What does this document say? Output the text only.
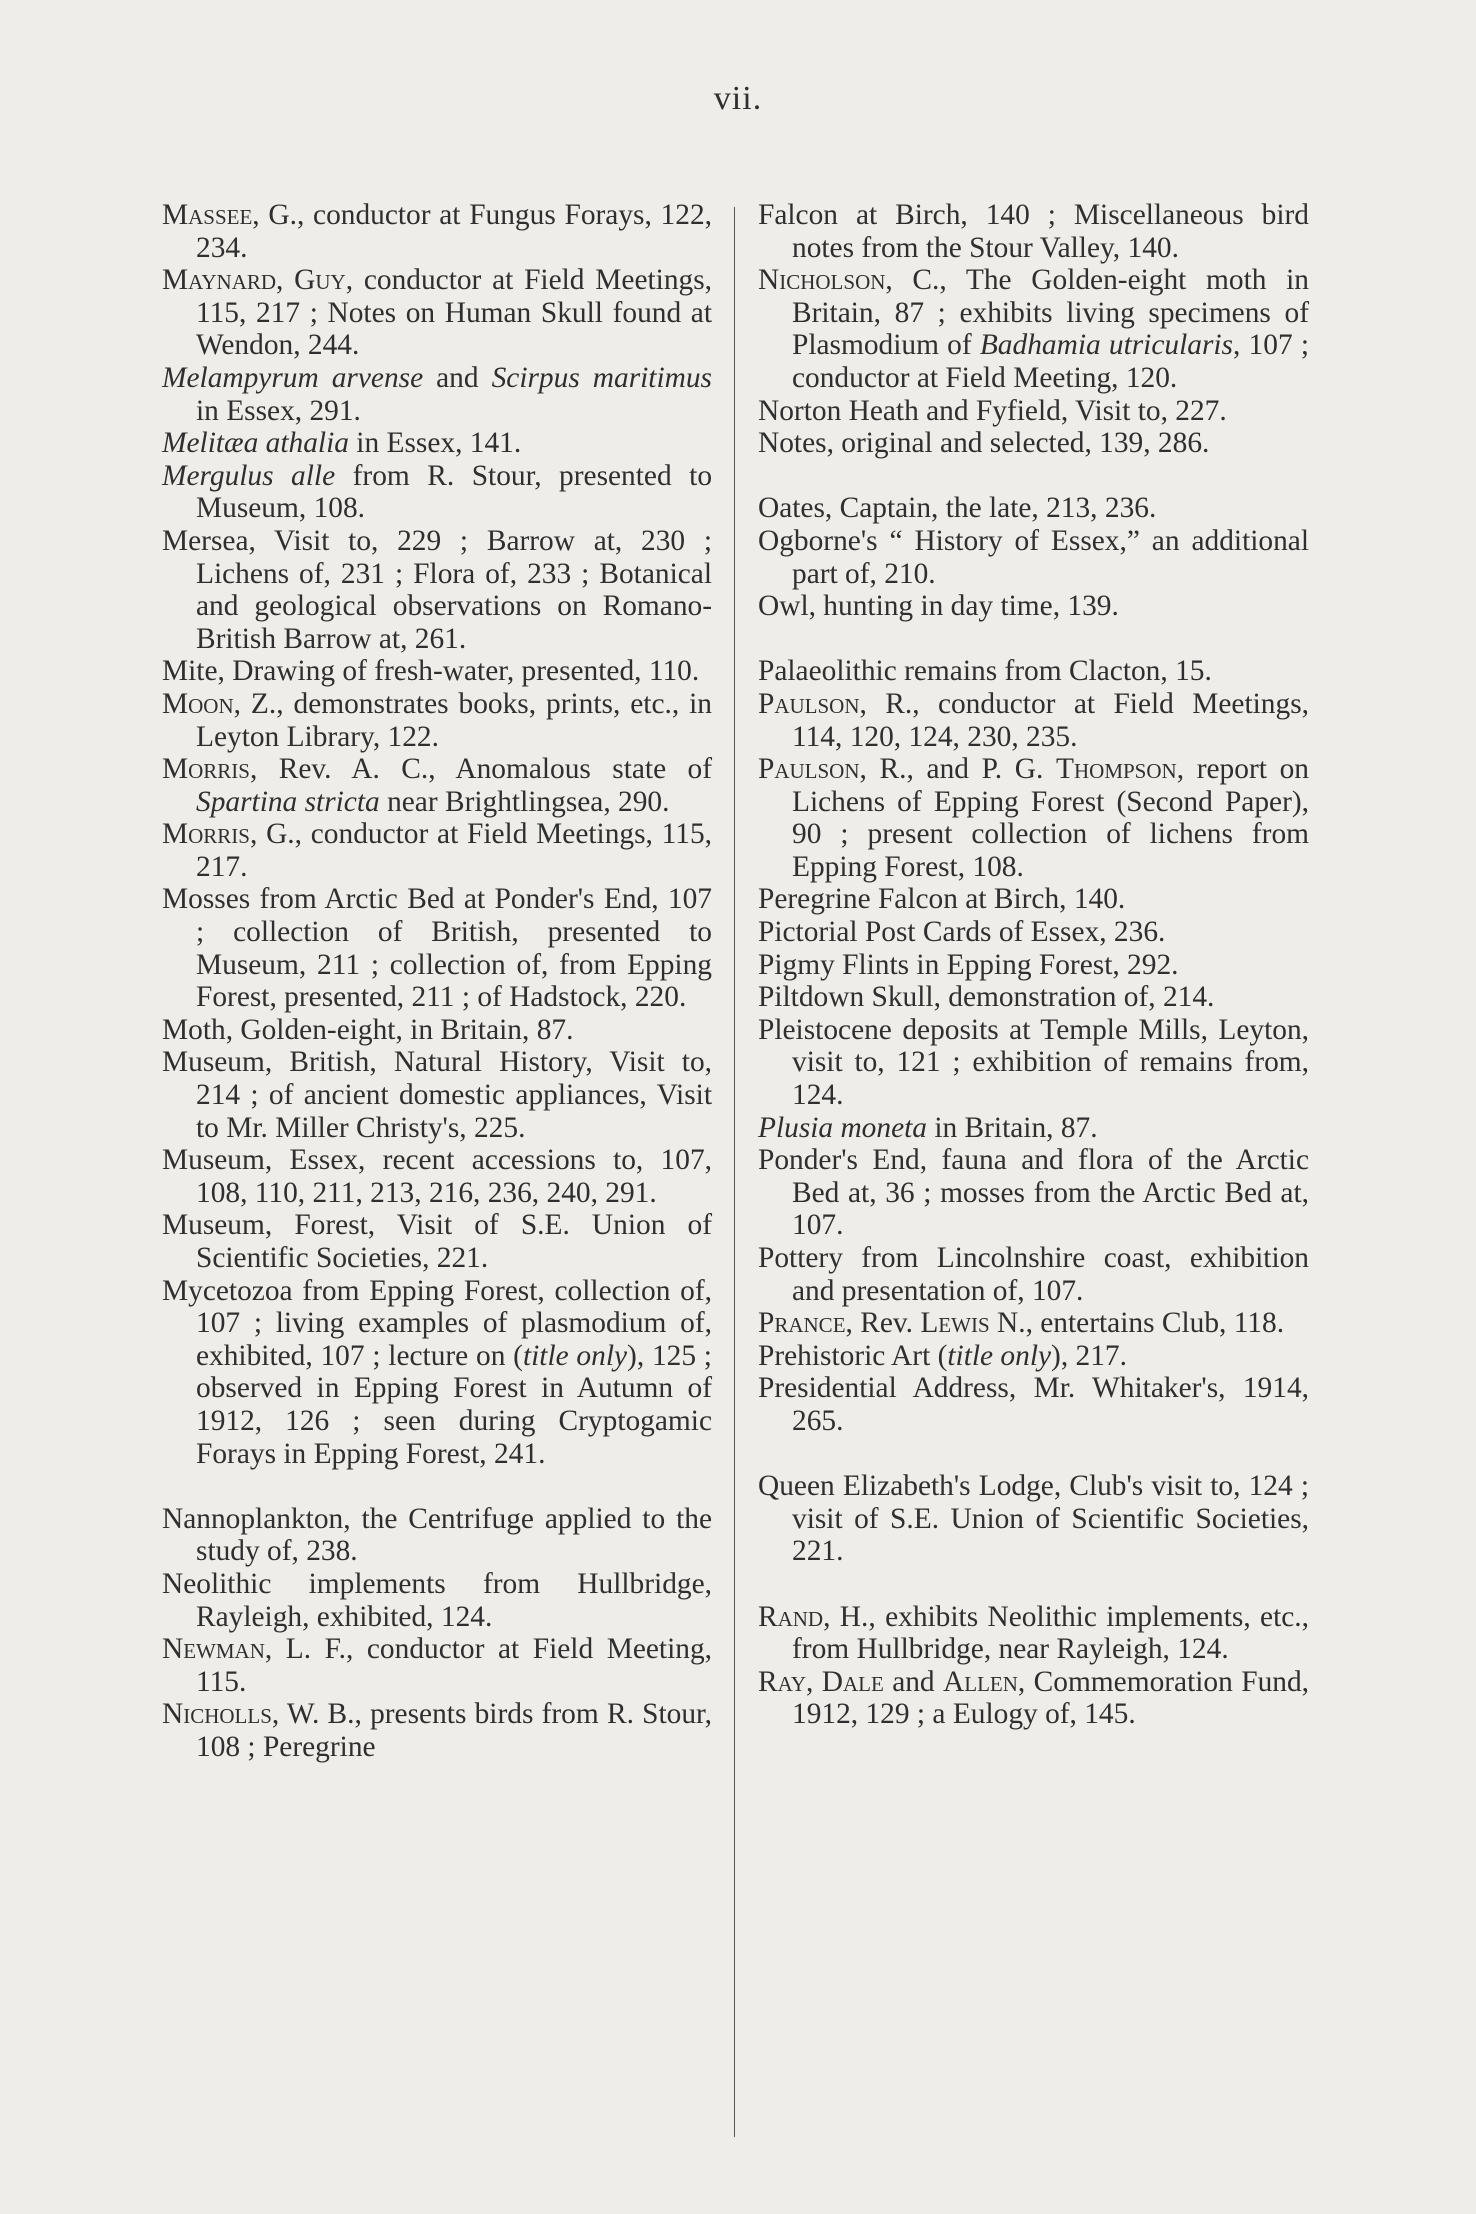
vii.

Massee, G., conductor at Fungus Forays, 122, 234.

Maynard, Guy, conductor at Field Meetings, 115, 217 ; Notes on Human Skull found at Wendon, 244.

Melampyrum arvense and Scirpus maritimus in Essex, 291.

Melitæa athalia in Essex, 141.

Mergulus alle from R. Stour, presented to Museum, 108.

Mersea, Visit to, 229 ; Barrow at, 230 ; Lichens of, 231 ; Flora of, 233 ; Botanical and geological observations on Romano-British Barrow at, 261.

Mite, Drawing of fresh-water, presented, 110.

Moon, Z., demonstrates books, prints, etc., in Leyton Library, 122.

Morris, Rev. A. C., Anomalous state of Spartina stricta near Brightlingsea, 290.

Morris, G., conductor at Field Meetings, 115, 217.

Mosses from Arctic Bed at Ponder's End, 107 ; collection of British, presented to Museum, 211 ; collection of, from Epping Forest, presented, 211 ; of Hadstock, 220.

Moth, Golden-eight, in Britain, 87.

Museum, British, Natural History, Visit to, 214 ; of ancient domestic appliances, Visit to Mr. Miller Christy's, 225.

Museum, Essex, recent accessions to, 107, 108, 110, 211, 213, 216, 236, 240, 291.

Museum, Forest, Visit of S.E. Union of Scientific Societies, 221.

Mycetozoa from Epping Forest, collection of, 107 ; living examples of plasmodium of, exhibited, 107 ; lecture on (title only), 125 ; observed in Epping Forest in Autumn of 1912, 126 ; seen during Cryptogamic Forays in Epping Forest, 241.

Nannoplankton, the Centrifuge applied to the study of, 238.

Neolithic implements from Hullbridge, Rayleigh, exhibited, 124.

Newman, L. F., conductor at Field Meeting, 115.

Nicholls, W. B., presents birds from R. Stour, 108 ; Peregrine

Falcon at Birch, 140 ; Miscellaneous bird notes from the Stour Valley, 140.

Nicholson, C., The Golden-eight moth in Britain, 87 ; exhibits living specimens of Plasmodium of Badhamia utricularis, 107 ; conductor at Field Meeting, 120.

Norton Heath and Fyfield, Visit to, 227.

Notes, original and selected, 139, 286.

Oates, Captain, the late, 213, 236.

Ogborne's “ History of Essex,” an additional part of, 210.

Owl, hunting in day time, 139.

Palaeolithic remains from Clacton, 15.

Paulson, R., conductor at Field Meetings, 114, 120, 124, 230, 235.

Paulson, R., and P. G. Thompson, report on Lichens of Epping Forest (Second Paper), 90 ; present collection of lichens from Epping Forest, 108.

Peregrine Falcon at Birch, 140.

Pictorial Post Cards of Essex, 236.

Pigmy Flints in Epping Forest, 292.

Piltdown Skull, demonstration of, 214.

Pleistocene deposits at Temple Mills, Leyton, visit to, 121 ; exhibition of remains from, 124.

Plusia moneta in Britain, 87.

Ponder's End, fauna and flora of the Arctic Bed at, 36 ; mosses from the Arctic Bed at, 107.

Pottery from Lincolnshire coast, exhibition and presentation of, 107.

Prance, Rev. Lewis N., entertains Club, 118.

Prehistoric Art (title only), 217.

Presidential Address, Mr. Whitaker's, 1914, 265.

Queen Elizabeth's Lodge, Club's visit to, 124 ; visit of S.E. Union of Scientific Societies, 221.

Rand, H., exhibits Neolithic implements, etc., from Hullbridge, near Rayleigh, 124.

Ray, Dale and Allen, Commemoration Fund, 1912, 129 ; a Eulogy of, 145.
